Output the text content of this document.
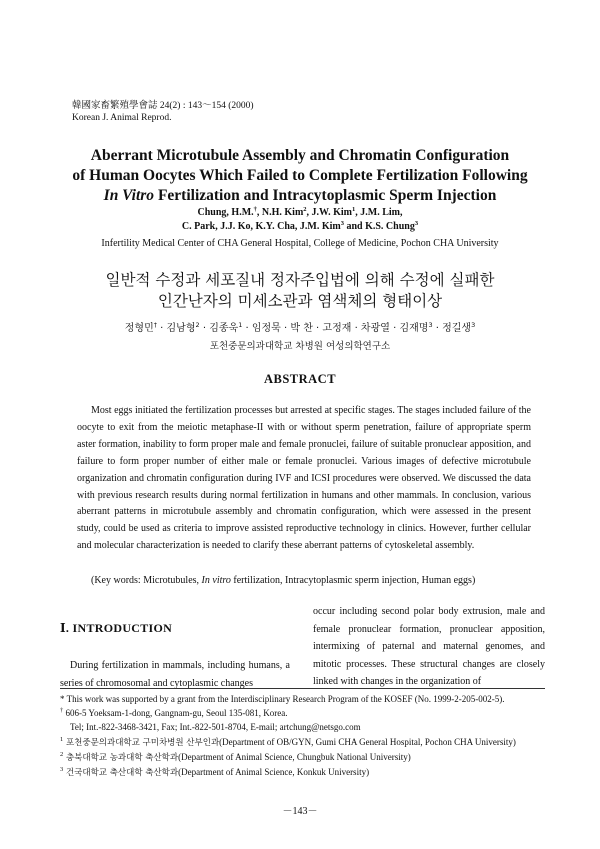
韓國家畜繁殖學會誌 24(2) : 143～154 (2000)
Korean J. Animal Reprod.
Aberrant Microtubule Assembly and Chromatin Configuration
of Human Oocytes Which Failed to Complete Fertilization Following
In Vitro Fertilization and Intracytoplasmic Sperm Injection
Chung, H.M.†, N.H. Kim$^2$, J.W. Kim$^1$, J.M. Lim,
C. Park, J.J. Ko, K.Y. Cha, J.M. Kim$^3$ and K.S. Chung$^3$
Infertility Medical Center of CHA General Hospital, College of Medicine, Pochon CHA University
일반적 수정과 세포질내 정자주입법에 의해 수정에 실패한
인간난자의 미세소관과 염색체의 형태이상
정형민† · 김남형$^2$ · 김종욱$^1$ · 임정묵 · 박 찬 · 고정재 · 차광열 · 김재명$^3$ · 정길생$^3$
포천중문의과대학교 차병원 여성의학연구소
ABSTRACT

Most eggs initiated the fertilization processes but arrested at specific stages. The stages included failure of the oocyte to exit from the meiotic metaphase-II with or without sperm penetration, failure of appropriate sperm aster formation, inability to form proper male and female pronuclei, failure of suitable pronuclear apposition, and failure to form proper number of either male or female pronuclei. Various images of defective microtubule organization and chromatin configuration during IVF and ICSI procedures were observed. We discussed the data with previous research results during normal fertilization in humans and other mammals. In conclusion, various aberrant patterns in microtubule assembly and chromatin configuration, which were assessed in the present study, could be used as criteria to improve assisted reproductive technology in clinics. However, further cellular and molecular characterization is needed to clarify these aberrant patterns of cytoskeletal assembly.

(Key words: Microtubules, In vitro fertilization, Intracytoplasmic sperm injection, Human eggs)
Ⅰ. INTRODUCTION

During fertilization in mammals, including humans, a series of chromosomal and cytoplasmic changes

occur including second polar body extrusion, male and female pronuclear formation, pronuclear apposition, intermixing of paternal and maternal genomes, and mitotic processes. These structural changes are closely linked with changes in the organization of

* This work was supported by a grant from the Interdisciplinary Research Program of the KOSEF (No. 1999-2-205-002-5).
† 606-5 Yoeksam-1-dong, Gangnam-gu, Seoul 135-081, Korea.
Tel; Int.-822-3468-3421, Fax; Int.-822-501-8704, E-mail; artchung@netsgo.com
$^1$ 포천중문의과대학교 구미차병원 산부인과(Department of OB/GYN, Gumi CHA General Hospital, Pochon CHA University)
$^2$ 충북대학교 농과대학 축산학과(Department of Animal Science, Chungbuk National University)
$^3$ 건국대학교 축산대학 축산학과(Department of Animal Science, Konkuk University)
－143－
